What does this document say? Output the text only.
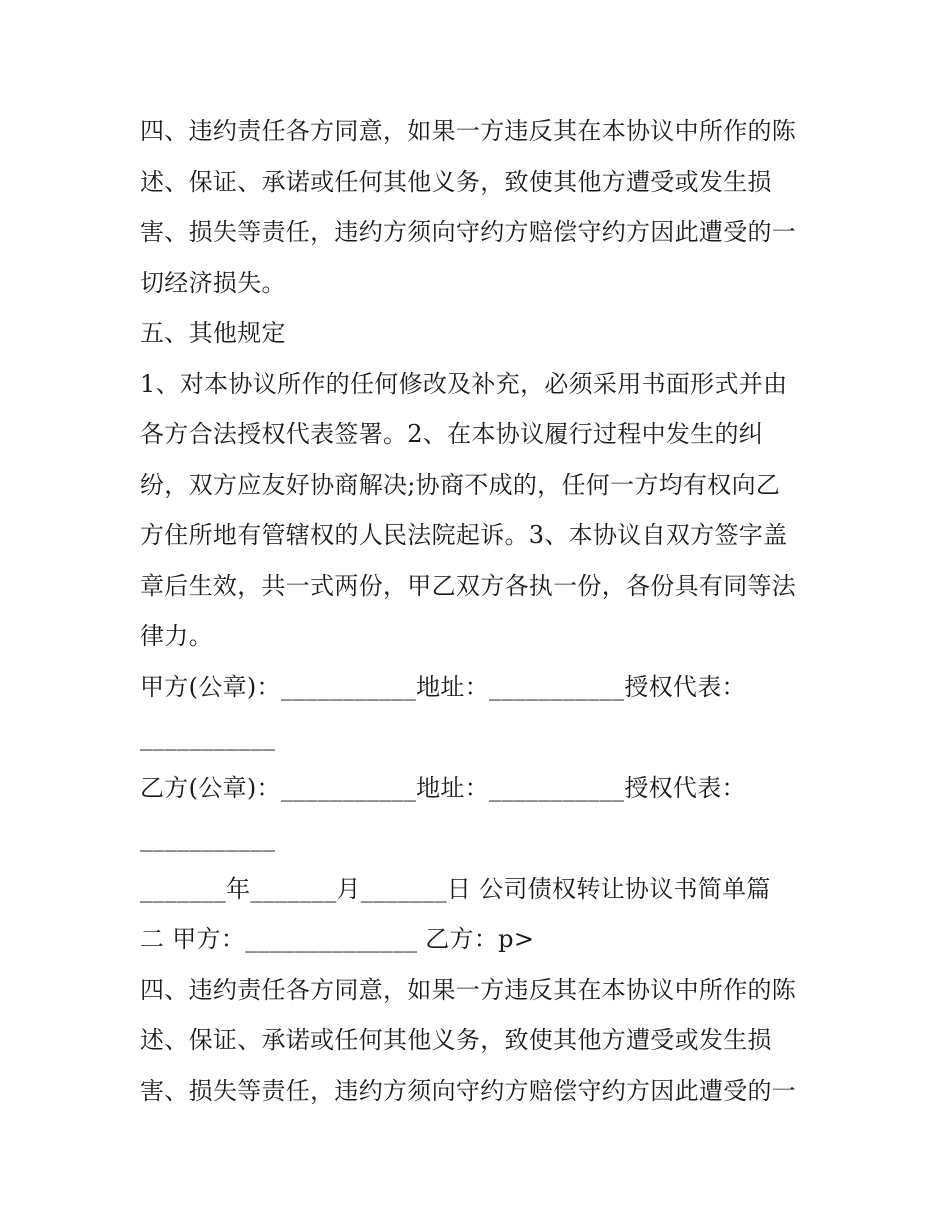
四、违约责任各方同意，如果一方违反其在本协议中所作的陈
述、保证、承诺或任何其他义务，致使其他方遭受或发生损
害、损失等责任，违约方须向守约方赔偿守约方因此遭受的一
切经济损失。
五、其他规定
1、对本协议所作的任何修改及补充，必须采用书面形式并由
各方合法授权代表签署。2、在本协议履行过程中发生的纠
纷，双方应友好协商解决;协商不成的，任何一方均有权向乙
方住所地有管辖权的人民法院起诉。3、本协议自双方签字盖
章后生效，共一式两份，甲乙双方各执一份，各份具有同等法
律力。
甲方(公章)：___________地址：___________授权代表：
___________
乙方(公章)：___________地址：___________授权代表：
___________
_______年_______月_______日 公司债权转让协议书简单篇
二 甲方：______________ 乙方：p>
四、违约责任各方同意，如果一方违反其在本协议中所作的陈
述、保证、承诺或任何其他义务，致使其他方遭受或发生损
害、损失等责任，违约方须向守约方赔偿守约方因此遭受的一
